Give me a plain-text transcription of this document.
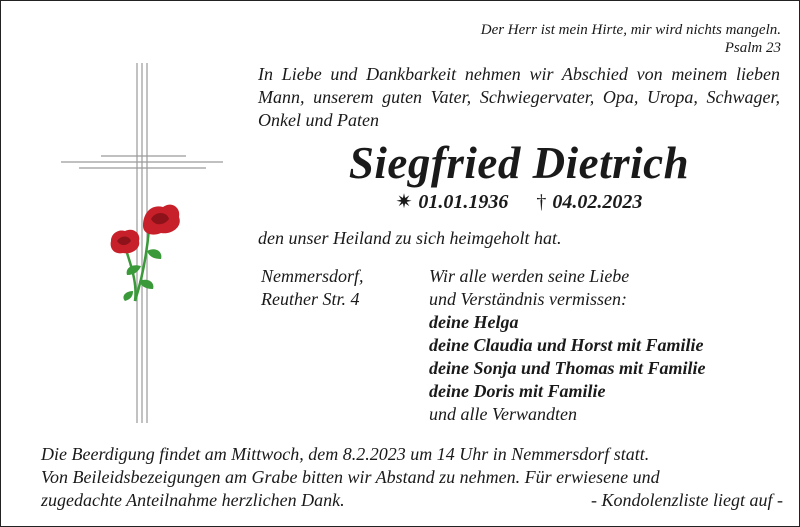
Der Herr ist mein Hirte, mir wird nichts mangeln.
Psalm 23
In Liebe und Dankbarkeit nehmen wir Abschied von meinem lieben Mann, unserem guten Vater, Schwiegervater, Opa, Uropa, Schwager, Onkel und Paten
Siegfried Dietrich
✷ 01.01.1936 † 04.02.2023
den unser Heiland zu sich heimgeholt hat.
Nemmersdorf,
Reuther Str. 4
Wir alle werden seine Liebe
und Verständnis vermissen:
deine Helga
deine Claudia und Horst mit Familie
deine Sonja und Thomas mit Familie
deine Doris mit Familie
und alle Verwandten
Die Beerdigung findet am Mittwoch, dem 8.2.2023 um 14 Uhr in Nemmersdorf statt.
Von Beileidsbezeigungen am Grabe bitten wir Abstand zu nehmen. Für erwiesene und
zugedachte Anteilnahme herzlichen Dank.	- Kondolenzliste liegt auf -
